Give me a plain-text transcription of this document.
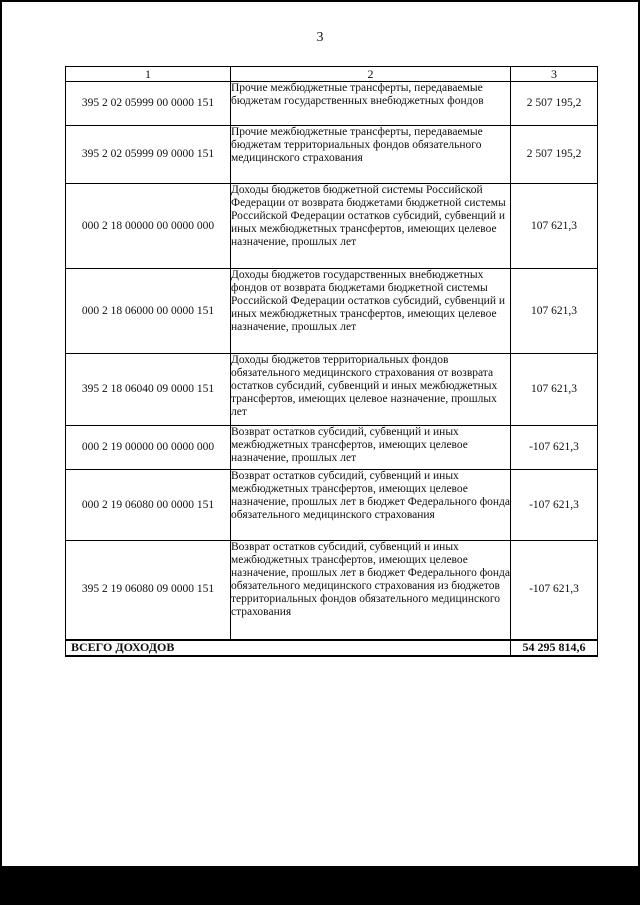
3
1	2	3
395 2 02 05999 00 0000 151	Прочие межбюджетные трансферты, передаваемые бюджетам государственных внебюджетных фондов	2 507 195,2
395 2 02 05999 09 0000 151	Прочие межбюджетные трансферты, передаваемые бюджетам территориальных фондов обязательного медицинского страхования	2 507 195,2
000 2 18 00000 00 0000 000	Доходы бюджетов бюджетной системы Российской Федерации от возврата бюджетами бюджетной системы Российской Федерации остатков субсидий, субвенций и иных межбюджетных трансфертов, имеющих целевое назначение, прошлых лет	107 621,3
000 2 18 06000 00 0000 151	Доходы бюджетов государственных внебюджетных фондов от возврата бюджетами бюджетной системы Российской Федерации остатков субсидий, субвенций и иных межбюджетных трансфертов, имеющих целевое назначение, прошлых лет	107 621,3
395 2 18 06040 09 0000 151	Доходы бюджетов территориальных фондов обязательного медицинского страхования от возврата остатков субсидий, субвенций и иных межбюджетных трансфертов, имеющих целевое назначение, прошлых лет	107 621,3
000 2 19 00000 00 0000 000	Возврат остатков субсидий, субвенций и иных межбюджетных трансфертов, имеющих целевое назначение, прошлых лет	-107 621,3
000 2 19 06080 00 0000 151	Возврат остатков субсидий, субвенций и иных межбюджетных трансфертов, имеющих целевое назначение, прошлых лет в бюджет Федерального фонда обязательного медицинского страхования	-107 621,3
395 2 19 06080 09 0000 151	Возврат остатков субсидий, субвенций и иных межбюджетных трансфертов, имеющих целевое назначение, прошлых лет в бюджет Федерального фонда обязательного медицинского страхования из бюджетов территориальных фондов обязательного медицинского страхования	-107 621,3
ВСЕГО ДОХОДОВ		54 295 814,6
